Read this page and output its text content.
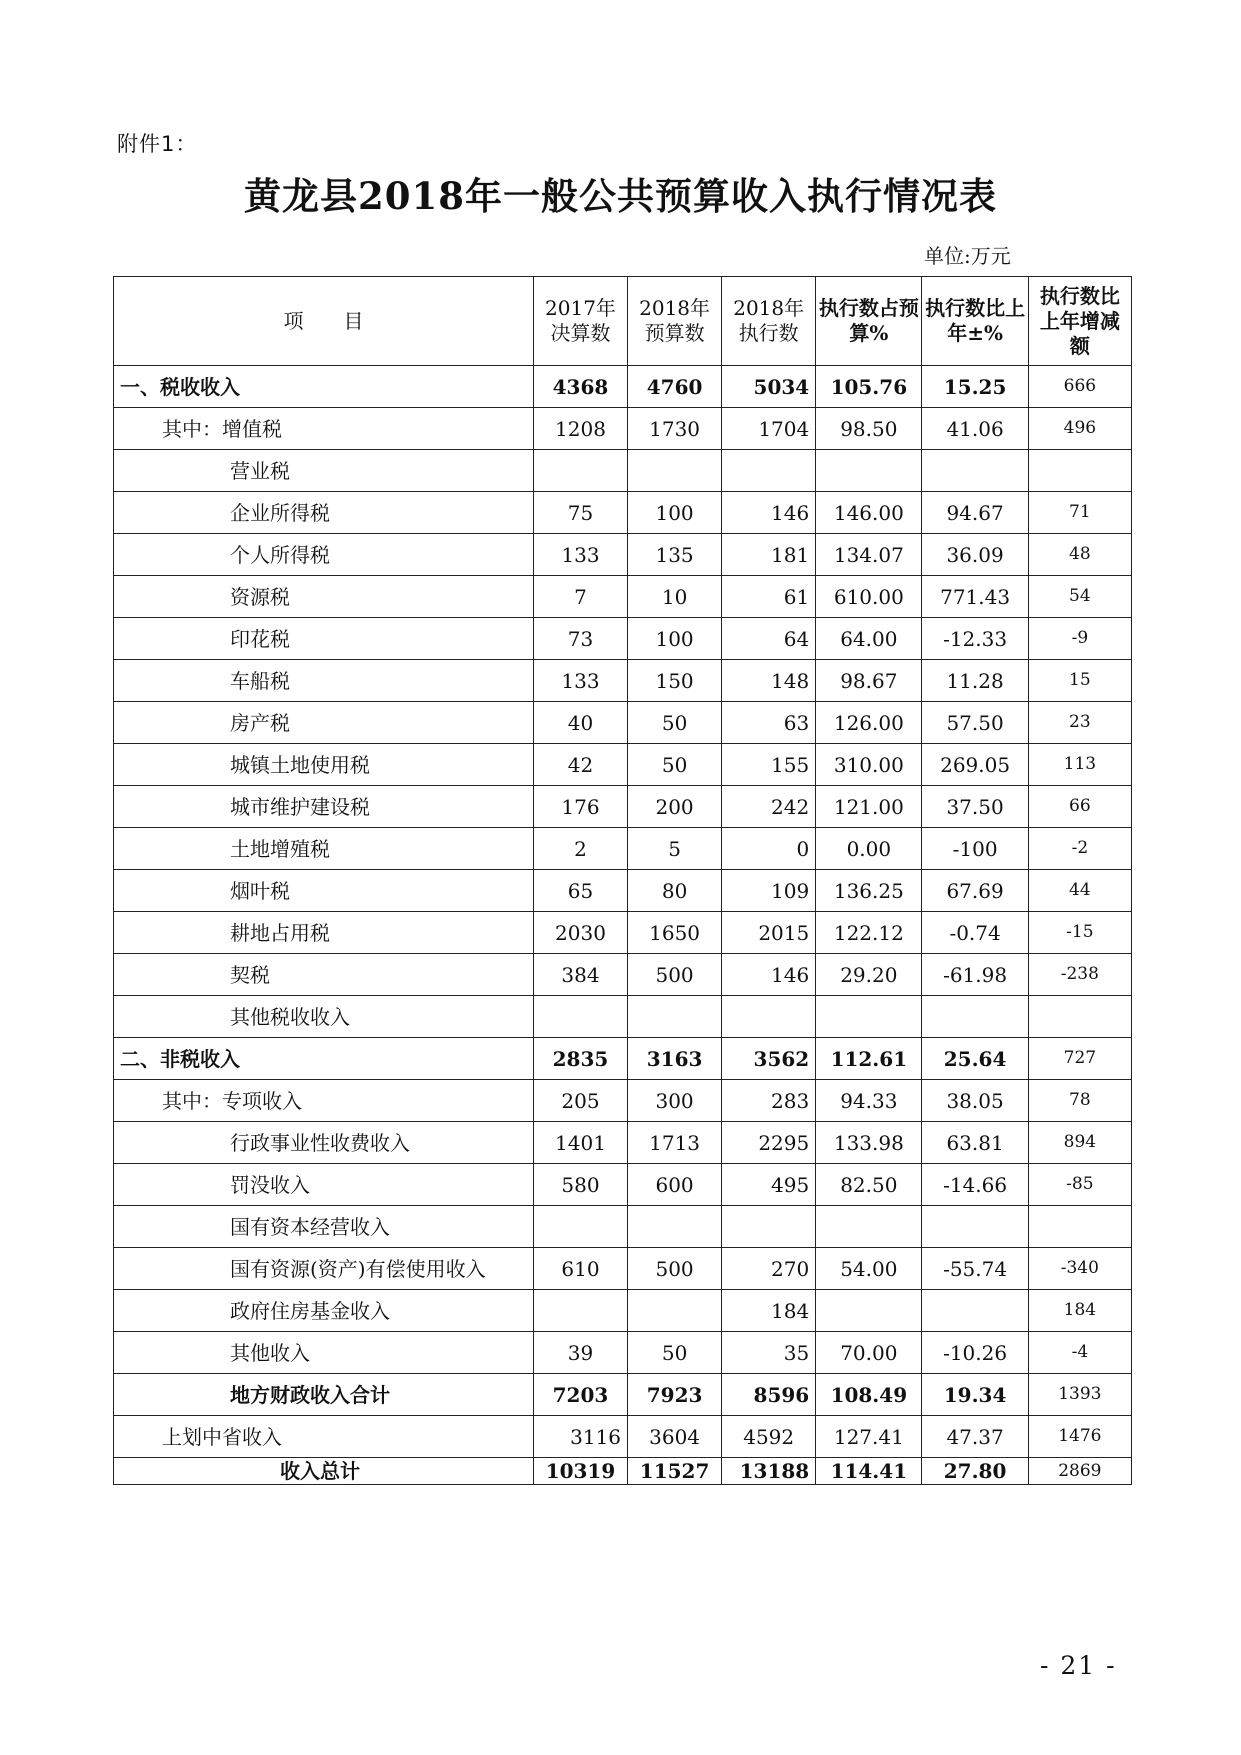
附件1：
黄龙县2018年一般公共预算收入执行情况表
单位:万元
项　　目	2017年决算数	2018年预算数	2018年执行数	执行数占预算%	执行数比上年±%	执行数比上年增减额
一、税收收入	4368	4760	5034	105.76	15.25	666
其中：增值税	1208	1730	1704	98.50	41.06	496
营业税						
企业所得税	75	100	146	146.00	94.67	71
个人所得税	133	135	181	134.07	36.09	48
资源税	7	10	61	610.00	771.43	54
印花税	73	100	64	64.00	-12.33	-9
车船税	133	150	148	98.67	11.28	15
房产税	40	50	63	126.00	57.50	23
城镇土地使用税	42	50	155	310.00	269.05	113
城市维护建设税	176	200	242	121.00	37.50	66
土地增殖税	2	5	0	0.00	-100	-2
烟叶税	65	80	109	136.25	67.69	44
耕地占用税	2030	1650	2015	122.12	-0.74	-15
契税	384	500	146	29.20	-61.98	-238
其他税收收入						
二、非税收入	2835	3163	3562	112.61	25.64	727
其中：专项收入	205	300	283	94.33	38.05	78
行政事业性收费收入	1401	1713	2295	133.98	63.81	894
罚没收入	580	600	495	82.50	-14.66	-85
国有资本经营收入						
国有资源(资产)有偿使用收入	610	500	270	54.00	-55.74	-340
政府住房基金收入			184			184
其他收入	39	50	35	70.00	-10.26	-4
地方财政收入合计	7203	7923	8596	108.49	19.34	1393
上划中省收入	3116	3604	4592	127.41	47.37	1476
收入总计	10319	11527	13188	114.41	27.80	2869
- 21 -
